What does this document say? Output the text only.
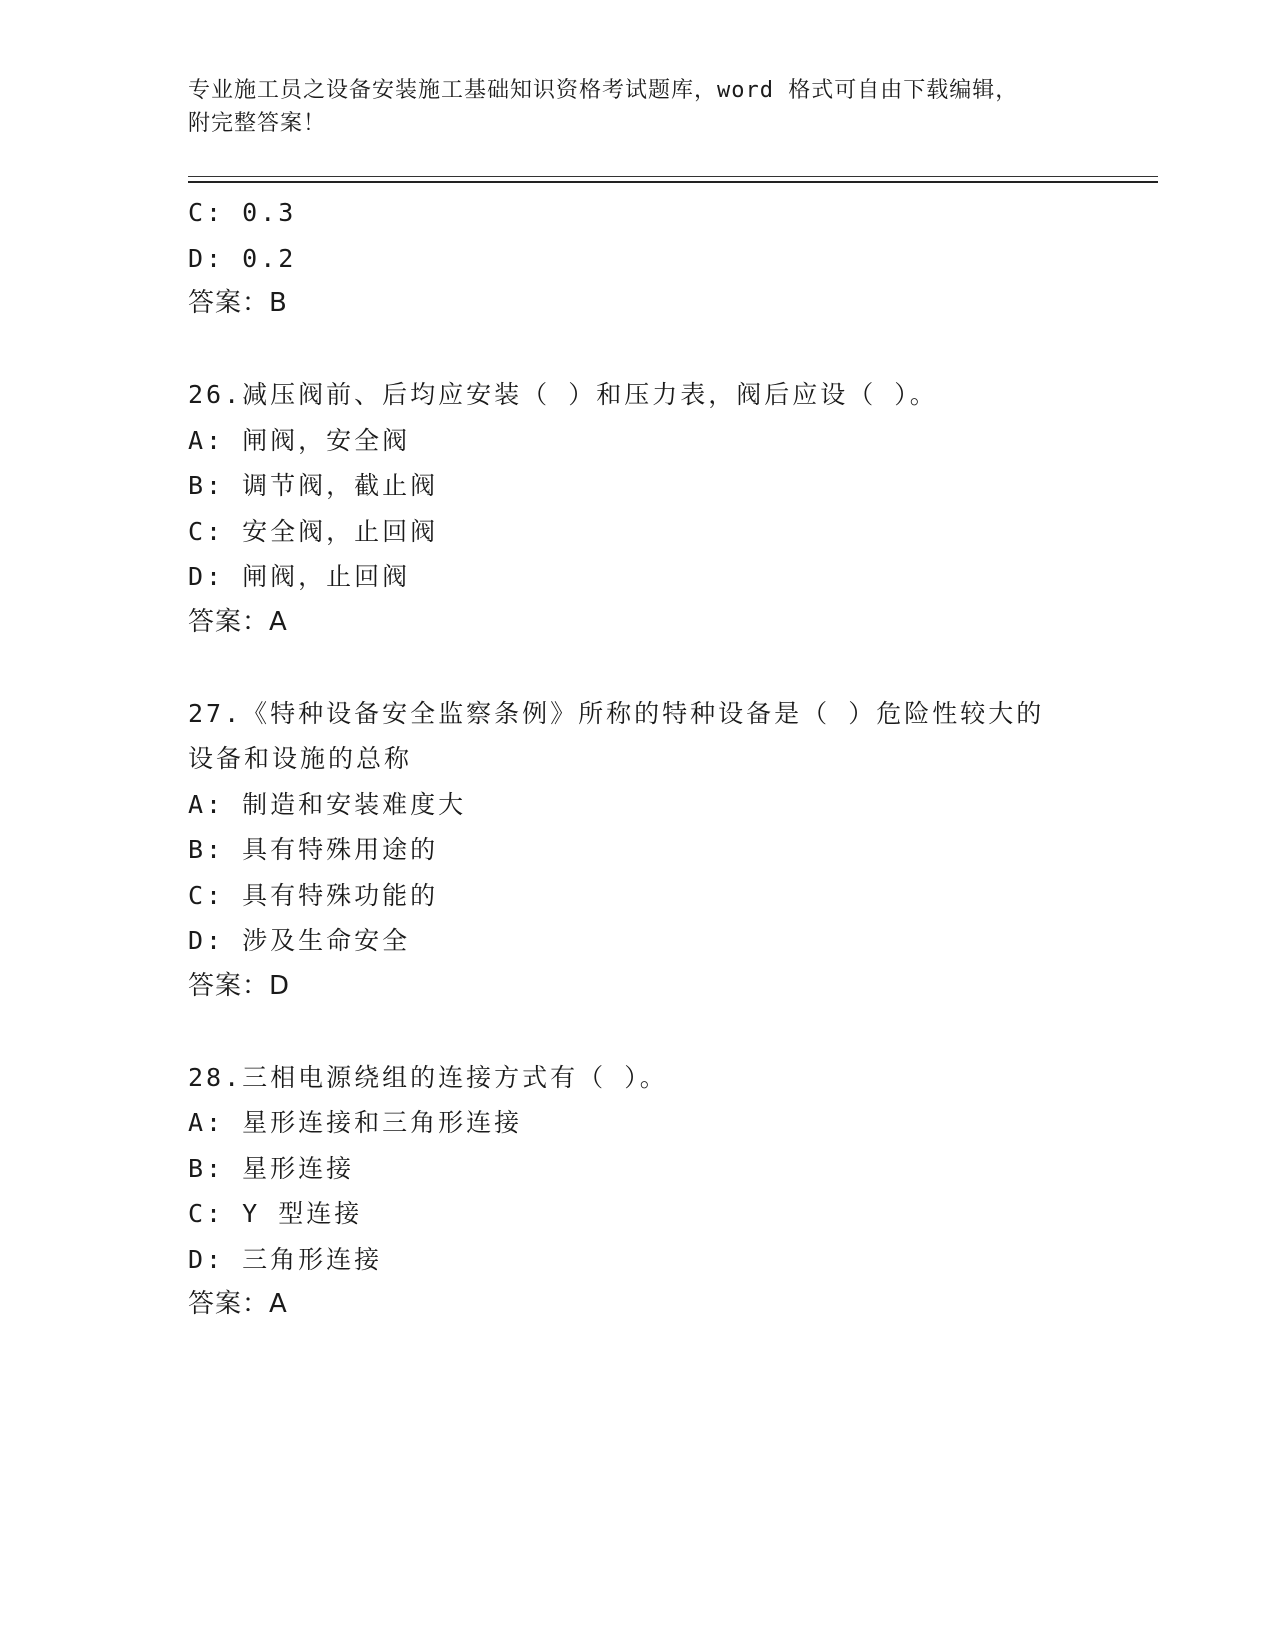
专业施工员之设备安装施工基础知识资格考试题库，word 格式可自由下载编辑，
附完整答案！
C: 0.3
D: 0.2
答案：B
26.减压阀前、后均应安装（ ）和压力表，阀后应设（ ）。
A: 闸阀，安全阀
B: 调节阀，截止阀
C: 安全阀，止回阀
D: 闸阀，止回阀
答案：A
27.《特种设备安全监察条例》所称的特种设备是（ ）危险性较大的
设备和设施的总称
A: 制造和安装难度大
B: 具有特殊用途的
C: 具有特殊功能的
D: 涉及生命安全
答案：D
28.三相电源绕组的连接方式有（ ）。
A: 星形连接和三角形连接
B: 星形连接
C: Y 型连接
D: 三角形连接
答案：A
